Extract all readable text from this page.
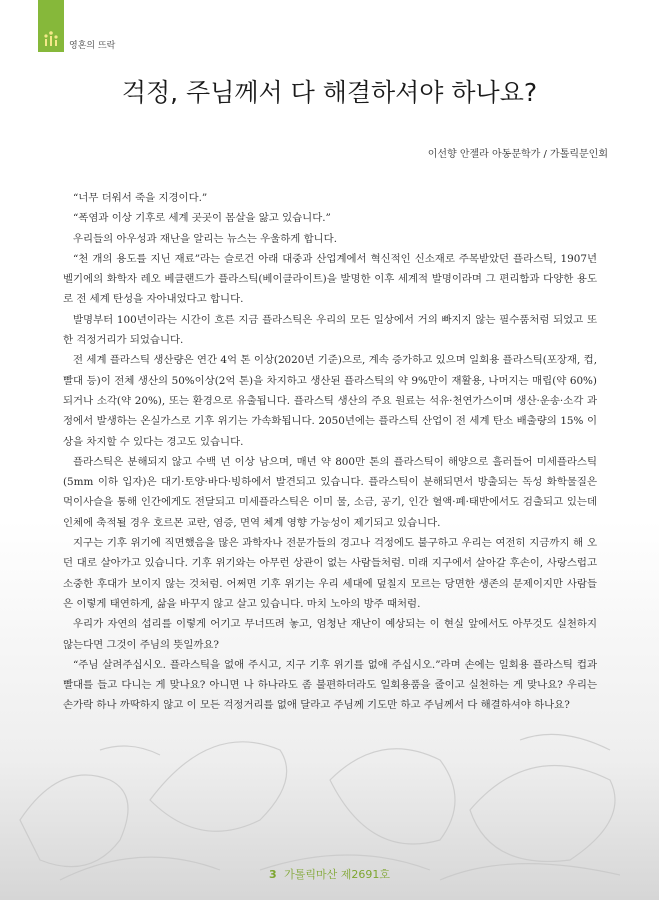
영혼의 뜨락
걱정, 주님께서 다 해결하셔야 하나요?
이선향 안젤라 아동문학가 / 가톨릭문인회

“너무 더워서 죽을 지경이다.”

“폭염과 이상 기후로 세계 곳곳이 몸살을 앓고 있습니다.”

우리들의 아우성과 재난을 알리는 뉴스는 우울하게 합니다.

“천 개의 용도를 지닌 재료”라는 슬로건 아래 대중과 산업계에서 혁신적인 신소재로 주목받았던 플라스틱, 1907년 벨기에의 화학자 레오 베클랜드가 플라스틱(베이클라이트)을 발명한 이후 세계적 발명이라며 그 편리함과 다양한 용도로 전 세계 탄성을 자아내었다고 합니다.

발명부터 100년이라는 시간이 흐른 지금 플라스틱은 우리의 모든 일상에서 거의 빠지지 않는 필수품처럼 되었고 또한 걱정거리가 되었습니다.

전 세계 플라스틱 생산량은 연간 4억 톤 이상(2020년 기준)으로, 계속 증가하고 있으며 일회용 플라스틱(포장재, 컵, 빨대 등)이 전체 생산의 50%이상(2억 톤)을 차지하고 생산된 플라스틱의 약 9%만이 재활용, 나머지는 매립(약 60%)되거나 소각(약 20%), 또는 환경으로 유출됩니다. 플라스틱 생산의 주요 원료는 석유·천연가스이며 생산·운송·소각 과정에서 발생하는 온실가스로 기후 위기는 가속화됩니다. 2050년에는 플라스틱 산업이 전 세계 탄소 배출량의 15% 이상을 차지할 수 있다는 경고도 있습니다.

플라스틱은 분해되지 않고 수백 년 이상 남으며, 매년 약 800만 톤의 플라스틱이 해양으로 흘러들어 미세플라스틱(5mm 이하 입자)은 대기·토양·바다·빙하에서 발견되고 있습니다. 플라스틱이 분해되면서 방출되는 독성 화학물질은 먹이사슬을 통해 인간에게도 전달되고 미세플라스틱은 이미 물, 소금, 공기, 인간 혈액·폐·태반에서도 검출되고 있는데 인체에 축적될 경우 호르몬 교란, 염증, 면역 체계 영향 가능성이 제기되고 있습니다.

지구는 기후 위기에 직면했음을 많은 과학자나 전문가들의 경고나 걱정에도 불구하고 우리는 여전히 지금까지 해 오던 대로 살아가고 있습니다. 기후 위기와는 아무런 상관이 없는 사람들처럼. 미래 지구에서 살아갈 후손이, 사랑스럽고 소중한 후대가 보이지 않는 것처럼. 어쩌면 기후 위기는 우리 세대에 덮칠지 모르는 당면한 생존의 문제이지만 사람들은 이렇게 태연하게, 삶을 바꾸지 않고 살고 있습니다. 마치 노아의 방주 때처럼.

우리가 자연의 섭리를 이렇게 어기고 무너뜨려 놓고, 엄청난 재난이 예상되는 이 현실 앞에서도 아무것도 실천하지 않는다면 그것이 주님의 뜻일까요?

“주님 살려주십시오. 플라스틱을 없애 주시고, 지구 기후 위기를 없애 주십시오.”라며 손에는 일회용 플라스틱 컵과 빨대를 들고 다니는 게 맞나요? 아니면 나 하나라도 좀 불편하더라도 일회용품을 줄이고 실천하는 게 맞나요? 우리는 손가락 하나 까딱하지 않고 이 모든 걱정거리를 없애 달라고 주님께 기도만 하고 주님께서 다 해결하셔야 하나요?

3 가톨릭마산 제2691호
